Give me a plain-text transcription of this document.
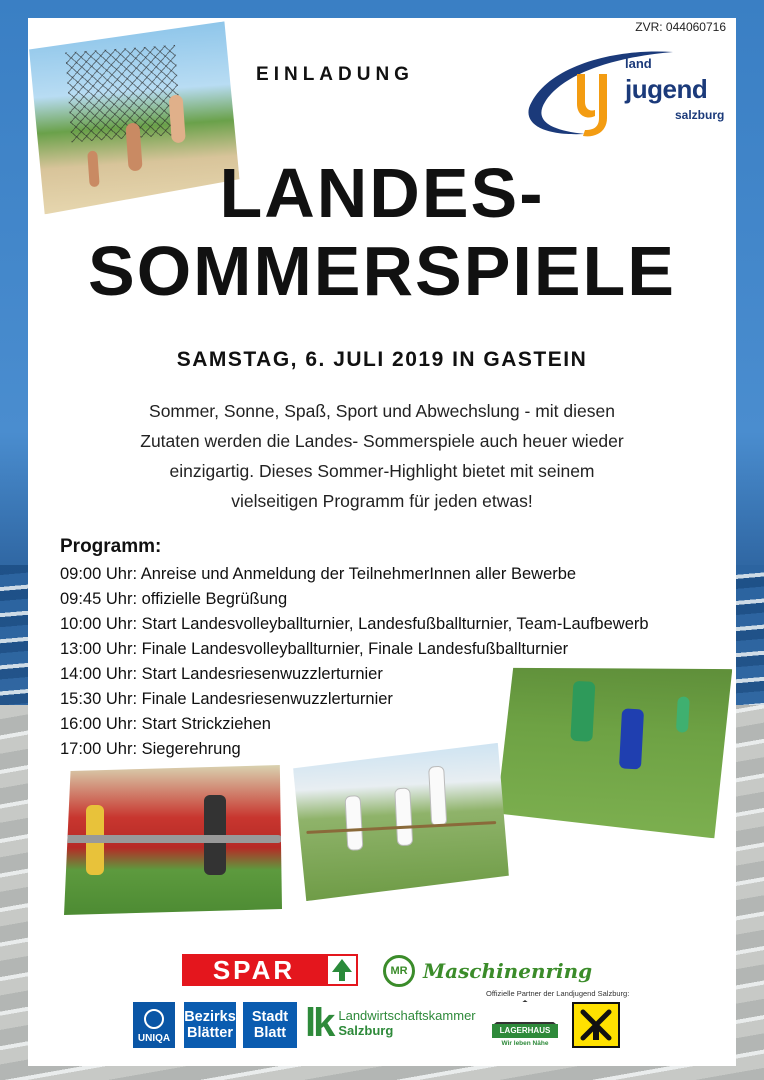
ZVR: 044060716
EINLADUNG
land
jugend
salzburg
LANDES-
SOMMERSPIELE
SAMSTAG, 6. JULI 2019 IN GASTEIN
Sommer, Sonne, Spaß, Sport und Abwechslung - mit diesen
Zutaten werden die Landes- Sommerspiele auch heuer wieder
einzigartig. Dieses Sommer-Highlight bietet mit seinem
vielseitigen Programm für jeden etwas!
Programm:
09:00 Uhr: Anreise und Anmeldung der TeilnehmerInnen aller Bewerbe
09:45 Uhr: offizielle Begrüßung
10:00 Uhr: Start Landesvolleyballturnier, Landesfußballturnier, Team-Laufbewerb
13:00 Uhr: Finale Landesvolleyballturnier, Finale Landesfußballturnier
14:00 Uhr: Start Landesriesenwuzzlerturnier
15:30 Uhr: Finale Landesriesenwuzzlerturnier
16:00 Uhr: Start Strickziehen
17:00 Uhr: Siegerehrung
SPAR	MR Maschinenring
Offizielle Partner der Landjugend Salzburg:
UNIQA
Bezirks
Blätter
Stadt
Blatt lk Landwirtschaftskammer
Salzburg	LAGERHAUS
Wir leben Nähe
